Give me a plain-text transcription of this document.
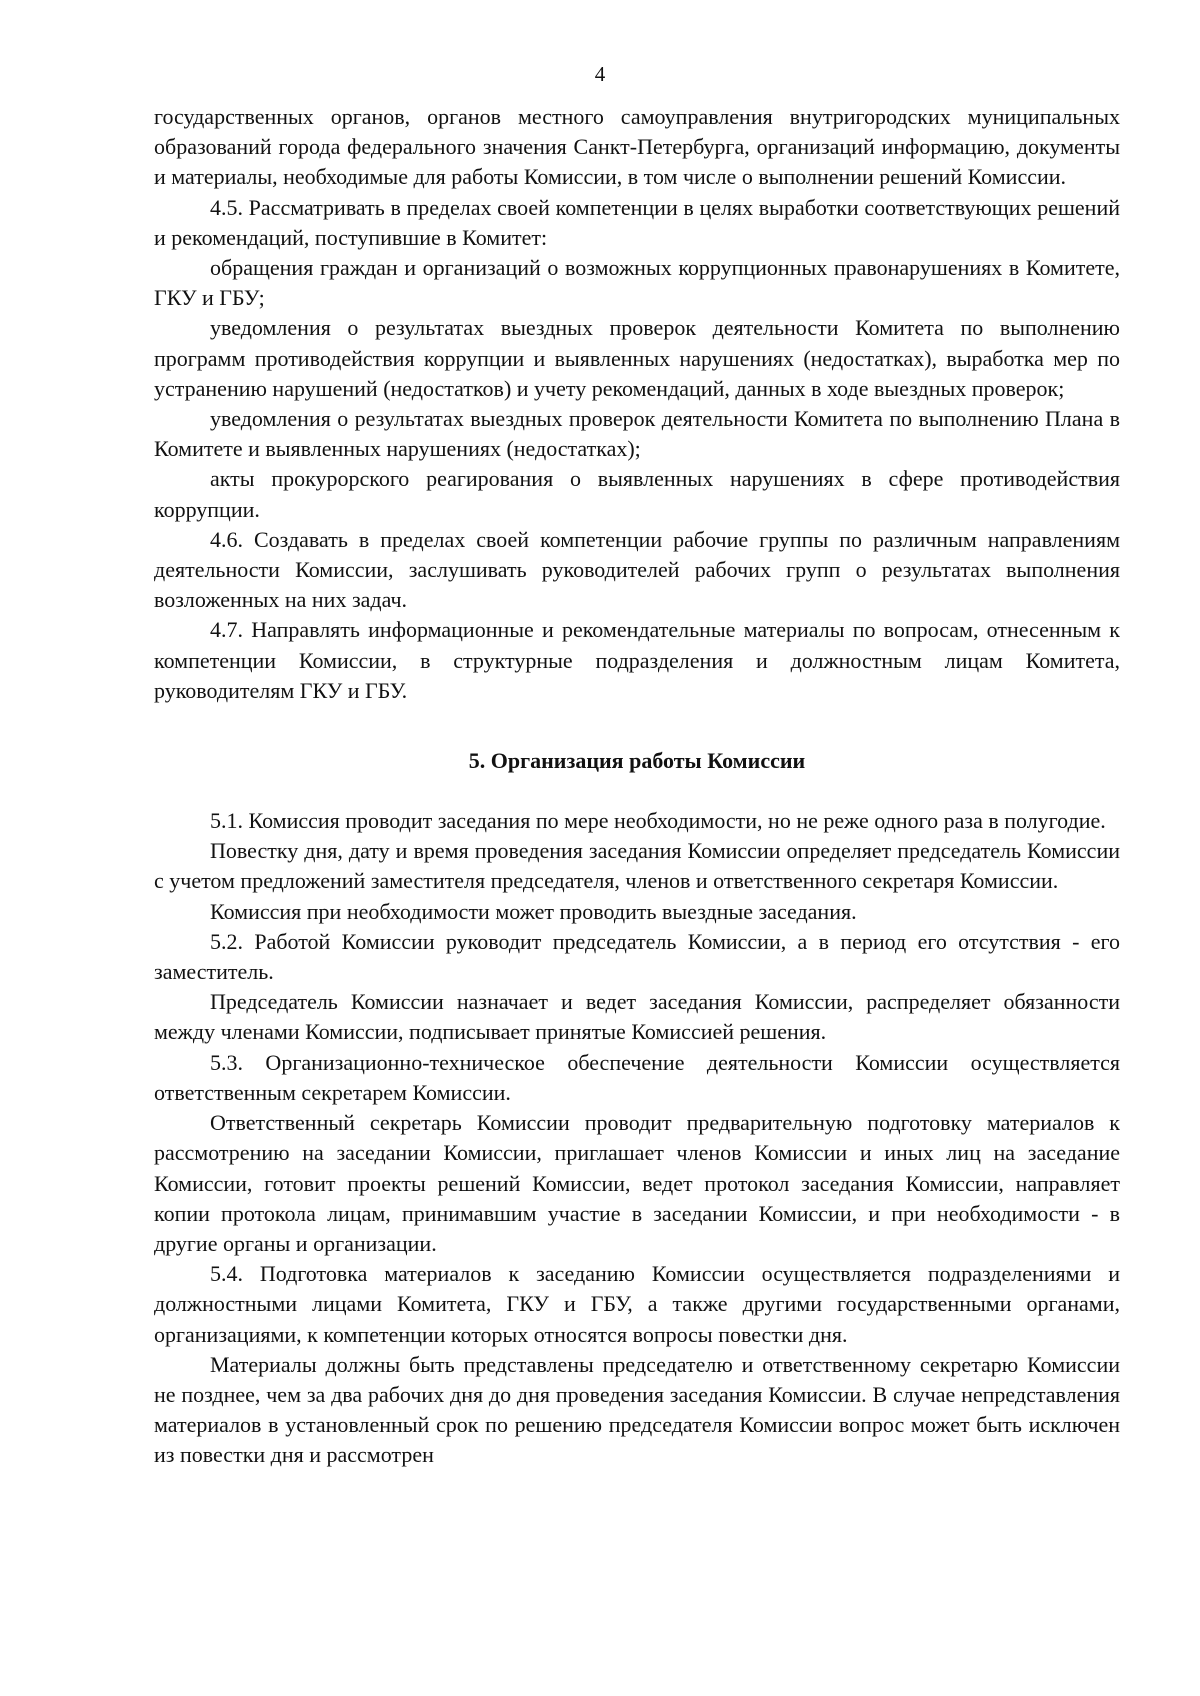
4

государственных органов, органов местного самоуправления внутригородских муниципальных образований города федерального значения Санкт-Петербурга, организаций информацию, документы и материалы, необходимые для работы Комиссии, в том числе о выполнении решений Комиссии.

4.5. Рассматривать в пределах своей компетенции в целях выработки соответствующих решений и рекомендаций, поступившие в Комитет:

обращения граждан и организаций о возможных коррупционных правонарушениях в Комитете, ГКУ и ГБУ;

уведомления о результатах выездных проверок деятельности Комитета по выполнению программ противодействия коррупции и выявленных нарушениях (недостатках), выработка мер по устранению нарушений (недостатков) и учету рекомендаций, данных в ходе выездных проверок;

уведомления о результатах выездных проверок деятельности Комитета по выполнению Плана в Комитете и выявленных нарушениях (недостатках);

акты прокурорского реагирования о выявленных нарушениях в сфере противодействия коррупции.

4.6. Создавать в пределах своей компетенции рабочие группы по различным направлениям деятельности Комиссии, заслушивать руководителей рабочих групп о результатах выполнения возложенных на них задач.

4.7. Направлять информационные и рекомендательные материалы по вопросам, отнесенным к компетенции Комиссии, в структурные подразделения и должностным лицам Комитета, руководителям ГКУ и ГБУ.

5. Организация работы Комиссии

5.1. Комиссия проводит заседания по мере необходимости, но не реже одного раза в полугодие.

Повестку дня, дату и время проведения заседания Комиссии определяет председатель Комиссии с учетом предложений заместителя председателя, членов и ответственного секретаря Комиссии.

Комиссия при необходимости может проводить выездные заседания.

5.2. Работой Комиссии руководит председатель Комиссии, а в период его отсутствия - его заместитель.

Председатель Комиссии назначает и ведет заседания Комиссии, распределяет обязанности между членами Комиссии, подписывает принятые Комиссией решения.

5.3. Организационно-техническое обеспечение деятельности Комиссии осуществляется ответственным секретарем Комиссии.

Ответственный секретарь Комиссии проводит предварительную подготовку материалов к рассмотрению на заседании Комиссии, приглашает членов Комиссии и иных лиц на заседание Комиссии, готовит проекты решений Комиссии, ведет протокол заседания Комиссии, направляет копии протокола лицам, принимавшим участие в заседании Комиссии, и при необходимости - в другие органы и организации.

5.4. Подготовка материалов к заседанию Комиссии осуществляется подразделениями и должностными лицами Комитета, ГКУ и ГБУ, а также другими государственными органами, организациями, к компетенции которых относятся вопросы повестки дня.

Материалы должны быть представлены председателю и ответственному секретарю Комиссии не позднее, чем за два рабочих дня до дня проведения заседания Комиссии. В случае непредставления материалов в установленный срок по решению председателя Комиссии вопрос может быть исключен из повестки дня и рассмотрен
